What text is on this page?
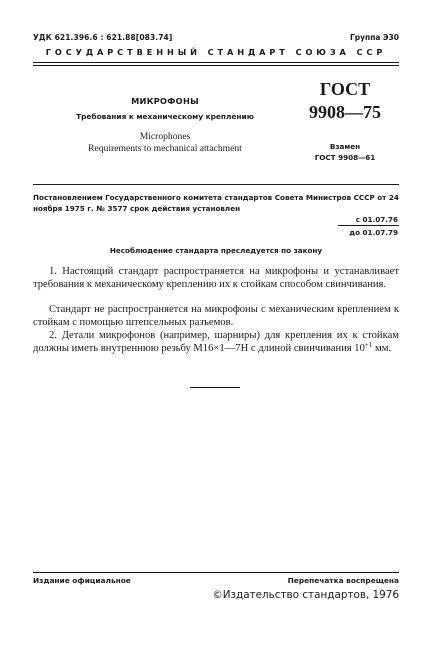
УДК 621.396.6 : 621.88[083.74]	Группа Э30
ГОСУДАРСТВЕННЫЙ СТАНДАРТ СОЮЗА ССР
МИКРОФОНЫ
Требования к механическому креплению
Microphones
Requirements to mechanical attachment
ГОСТ
9908—75
Взамен
ГОСТ 9908—61
Постановлением Государственного комитета стандартов Совета Министров СССР от 24 ноября 1975 г. № 3577 срок действия установлен
с 01.07.76
до 01.07.79
Несоблюдение стандарта преследуется по закону

1. Настоящий стандарт распространяется на микрофоны и устанавливает требования к механическому креплению их к стойкам способом свинчивания.

Стандарт не распространяется на микрофоны с механическим креплением к стойкам с помощью штепсельных разъемов.

2. Детали микрофонов (например, шарниры) для крепления их к стойкам должны иметь внутреннюю резьбу М16×1—7Н с длиной свинчивания $10^{+1}$ мм.

Издание официальное	Перепечатка воспрещена
©Издательство стандартов, 1976
